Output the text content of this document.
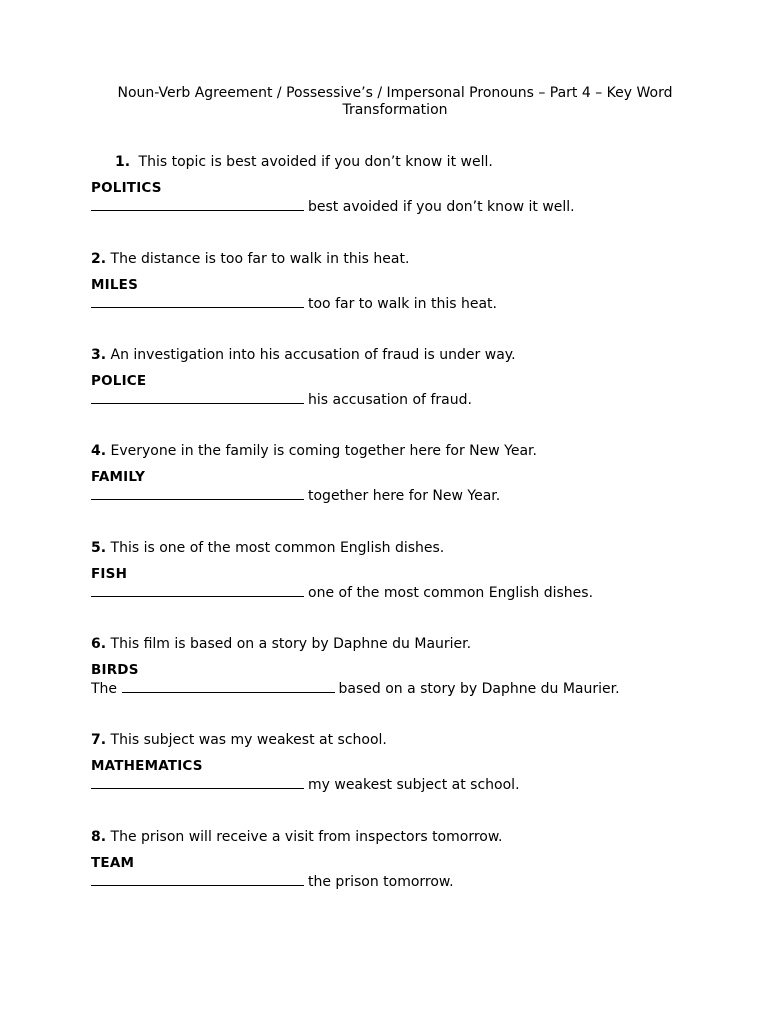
Noun-Verb Agreement / Possessive’s / Impersonal Pronouns – Part 4 – Key Word Transformation
1. This topic is best avoided if you don’t know it well.
POLITICS
best avoided if you don’t know it well.
2. The distance is too far to walk in this heat.
MILES
too far to walk in this heat.
3. An investigation into his accusation of fraud is under way.
POLICE
his accusation of fraud.
4. Everyone in the family is coming together here for New Year.
FAMILY
together here for New Year.
5. This is one of the most common English dishes.
FISH
one of the most common English dishes.
6. This film is based on a story by Daphne du Maurier.
BIRDS
The	based on a story by Daphne du Maurier.
7. This subject was my weakest at school.
MATHEMATICS
my weakest subject at school.
8. The prison will receive a visit from inspectors tomorrow.
TEAM
the prison tomorrow.
